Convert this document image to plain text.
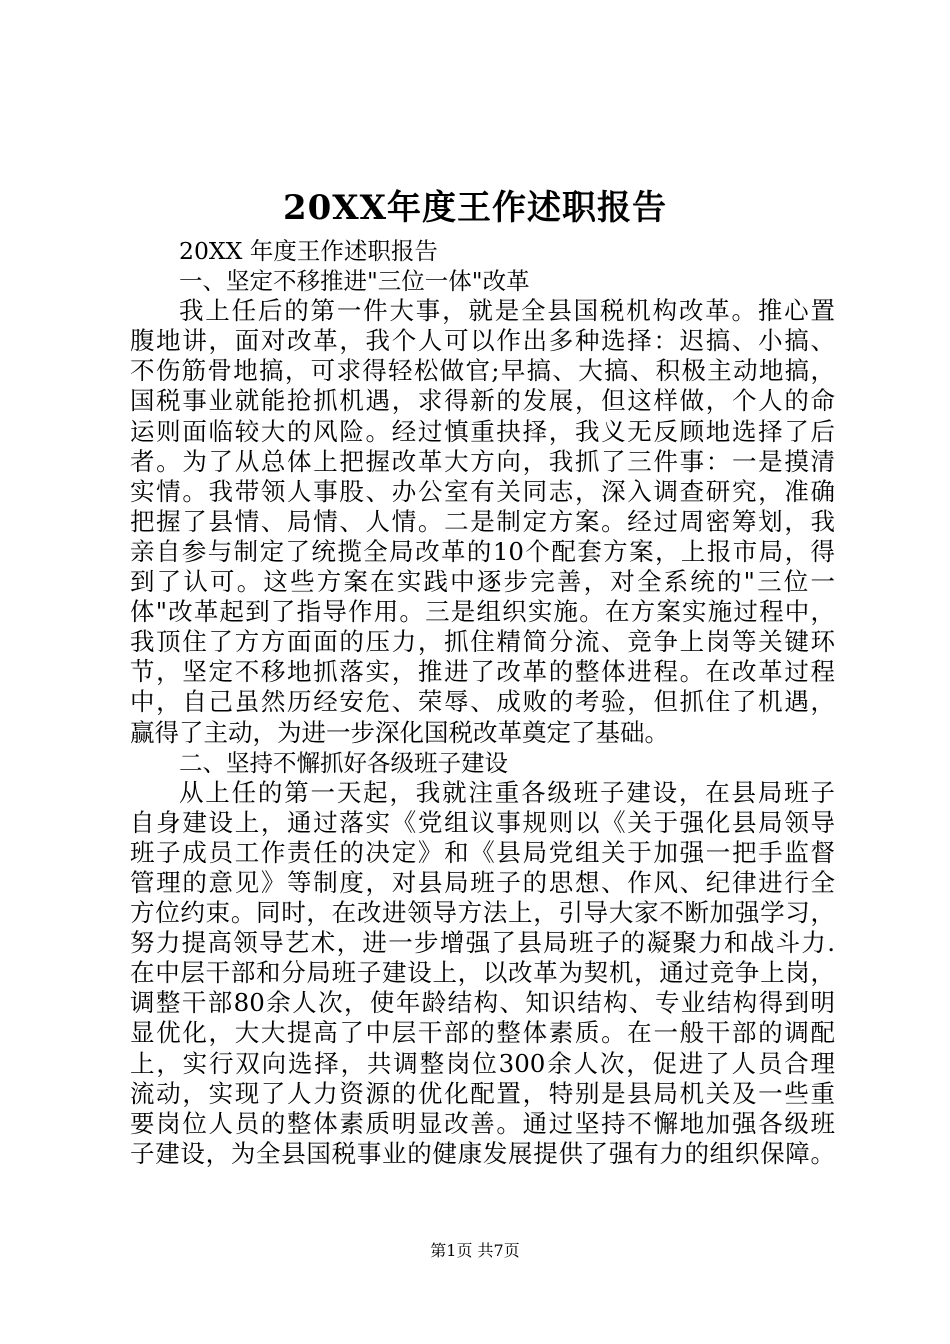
20XX年度王作述职报告
20XX 年度王作述职报告
一、坚定不移推进"三位一体"改革
我上任后的第一件大事，就是全县国税机构改革。推心置
腹地讲，面对改革，我个人可以作出多种选择：迟搞、小搞、
不伤筋骨地搞，可求得轻松做官;早搞、大搞、积极主动地搞，
国税事业就能抢抓机遇，求得新的发展，但这样做，个人的命
运则面临较大的风险。经过慎重抉择，我义无反顾地选择了后
者。为了从总体上把握改革大方向，我抓了三件事：一是摸清
实情。我带领人事股、办公室有关同志，深入调查研究，准确
把握了县情、局情、人情。二是制定方案。经过周密筹划，我
亲自参与制定了统揽全局改革的10个配套方案，上报市局，得
到了认可。这些方案在实践中逐步完善，对全系统的"三位一
体"改革起到了指导作用。三是组织实施。在方案实施过程中，
我顶住了方方面面的压力，抓住精简分流、竞争上岗等关键环
节，坚定不移地抓落实，推进了改革的整体进程。在改革过程
中，自己虽然历经安危、荣辱、成败的考验，但抓住了机遇，
赢得了主动，为进一步深化国税改革奠定了基础。
二、坚持不懈抓好各级班子建设
从上任的第一天起，我就注重各级班子建设，在县局班子
自身建设上，通过落实《党组议事规则以《关于强化县局领导
班子成员工作责任的决定》和《县局党组关于加强一把手监督
管理的意见》等制度，对县局班子的思想、作风、纪律进行全
方位约束。同时，在改进领导方法上，引导大家不断加强学习，
努力提高领导艺术，进一步增强了县局班子的凝聚力和战斗力.
在中层干部和分局班子建设上，以改革为契机，通过竞争上岗，
调整干部80余人次，使年龄结构、知识结构、专业结构得到明
显优化，大大提高了中层干部的整体素质。在一般干部的调配
上，实行双向选择，共调整岗位300余人次，促进了人员合理
流动，实现了人力资源的优化配置，特别是县局机关及一些重
要岗位人员的整体素质明显改善。通过坚持不懈地加强各级班
子建设，为全县国税事业的健康发展提供了强有力的组织保障。
第1页 共7页
